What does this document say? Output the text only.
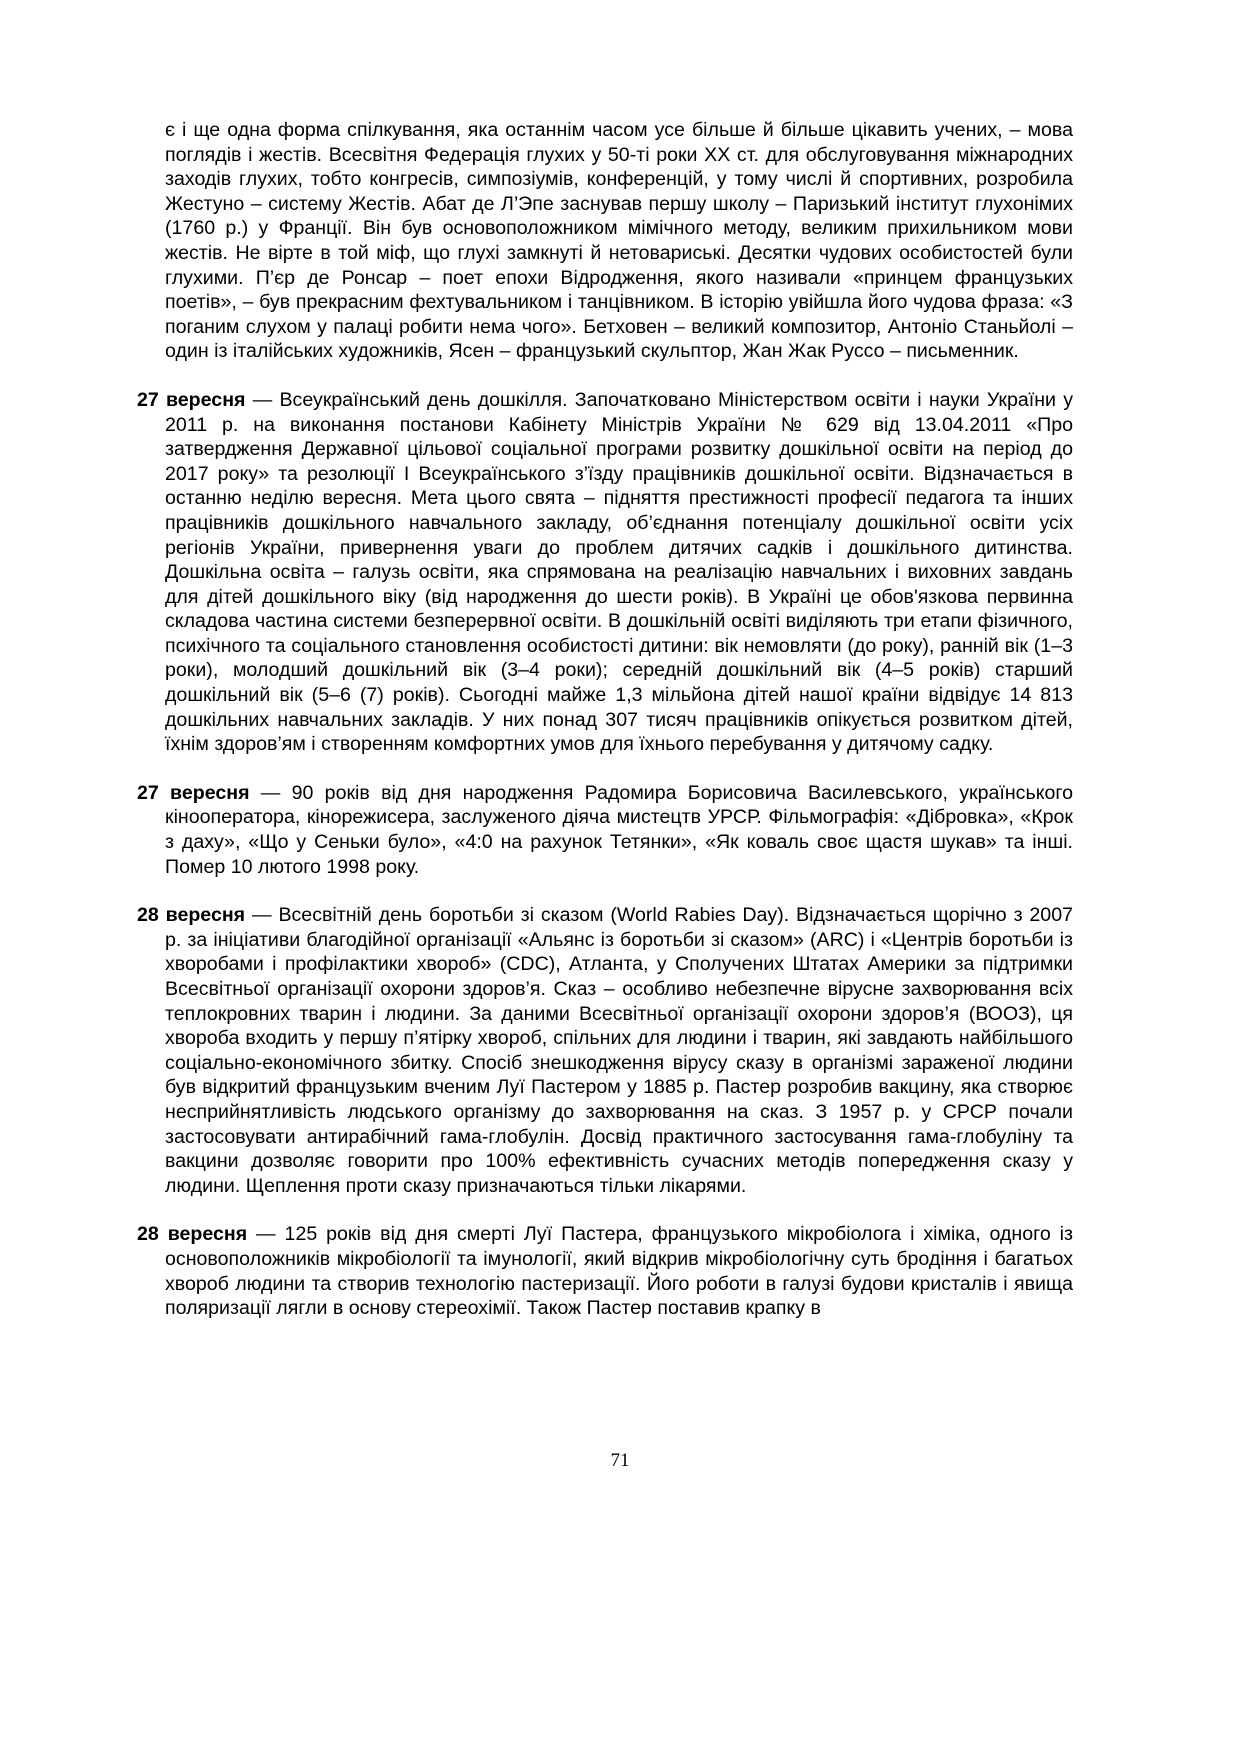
є і ще одна форма спілкування, яка останнім часом усе більше й більше цікавить учених, – мова поглядів і жестів. Всесвітня Федерація глухих у 50-ті роки XX ст. для обслуговування міжнародних заходів глухих, тобто конгресів, симпозіумів, конференцій, у тому числі й спортивних, розробила Жестуно – систему Жестів. Абат де Л’Эпе заснував першу школу – Паризький інститут глухонімих (1760 р.) у Франції. Він був основоположником мімічного методу, великим прихильником мови жестів. Не вірте в той міф, що глухі замкнуті й нетовариські. Десятки чудових особистостей були глухими. П’єр де Ронсар – поет епохи Відродження, якого називали «принцем французьких поетів», – був прекрасним фехтувальником і танцівником. В історію увійшла його чудова фраза: «З поганим слухом у палаці робити нема чого». Бетховен – великий композитор, Антоніо Станьйолі – один із італійських художників, Ясен – французький скульптор, Жан Жак Руссо – письменник.

27 вересня — Всеукраїнський день дошкілля. Започатковано Міністерством освіти і науки України у 2011 р. на виконання постанови Кабінету Міністрів України № 629 від 13.04.2011 «Про затвердження Державної цільової соціальної програми розвитку дошкільної освіти на період до 2017 року» та резолюції І Всеукраїнського з’їзду працівників дошкільної освіти. Відзначається в останню неділю вересня. Мета цього свята – підняття престижності професії педагога та інших працівників дошкільного навчального закладу, об’єднання потенціалу дошкільної освіти усіх регіонів України, привернення уваги до проблем дитячих садків і дошкільного дитинства. Дошкільна освіта – галузь освіти, яка спрямована на реалізацію навчальних і виховних завдань для дітей дошкільного віку (від народження до шести років). В Україні це обов'язкова первинна складова частина системи безперервної освіти. В дошкільній освіті виділяють три етапи фізичного, психічного та соціального становлення особистості дитини: вік немовляти (до року), ранній вік (1–3 роки), молодший дошкільний вік (3–4 роки); середній дошкільний вік (4–5 років) старший дошкільний вік (5–6 (7) років). Сьогодні майже 1,3 мільйона дітей нашої країни відвідує 14 813 дошкільних навчальних закладів. У них понад 307 тисяч працівників опікується розвитком дітей, їхнім здоров’ям і створенням комфортних умов для їхнього перебування у дитячому садку.

27 вересня — 90 років від дня народження Радомира Борисовича Василевського, українського кінооператора, кінорежисера, заслуженого діяча мистецтв УРСР. Фільмографія: «Дібровка», «Крок з даху», «Що у Сеньки було», «4:0 на рахунок Тетянки», «Як коваль своє щастя шукав» та інші. Помер 10 лютого 1998 року.

28 вересня — Всесвітній день боротьби зі сказом (World Rabies Day). Відзначається щорічно з 2007 р. за ініціативи благодійної організації «Альянс із боротьби зі сказом» (ARC) і «Центрів боротьби із хворобами і профілактики хвороб» (CDC), Атланта, у Сполучених Штатах Америки за підтримки Всесвітньої організації охорони здоров’я. Сказ – особливо небезпечне вірусне захворювання всіх теплокровних тварин і людини. За даними Всесвітньої організації охорони здоров’я (ВООЗ), ця хвороба входить у першу п’ятірку хвороб, спільних для людини і тварин, які завдають найбільшого соціально-економічного збитку. Спосіб знешкодження вірусу сказу в організмі зараженої людини був відкритий французьким вченим Луї Пастером у 1885 р. Пастер розробив вакцину, яка створює несприйнятливість людського організму до захворювання на сказ. З 1957 р. у СРСР почали застосовувати антирабічний гама-глобулін. Досвід практичного застосування гама-глобуліну та вакцини дозволяє говорити про 100% ефективність сучасних методів попередження сказу у людини. Щеплення проти сказу призначаються тільки лікарями.

28 вересня — 125 років від дня смерті Луї Пастера, французького мікробіолога і хіміка, одного із основоположників мікробіології та імунології, який відкрив мікробіологічну суть бродіння і багатьох хвороб людини та створив технологію пастеризації. Його роботи в галузі будови кристалів і явища поляризації лягли в основу стереохімії. Також Пастер поставив крапку в

71
